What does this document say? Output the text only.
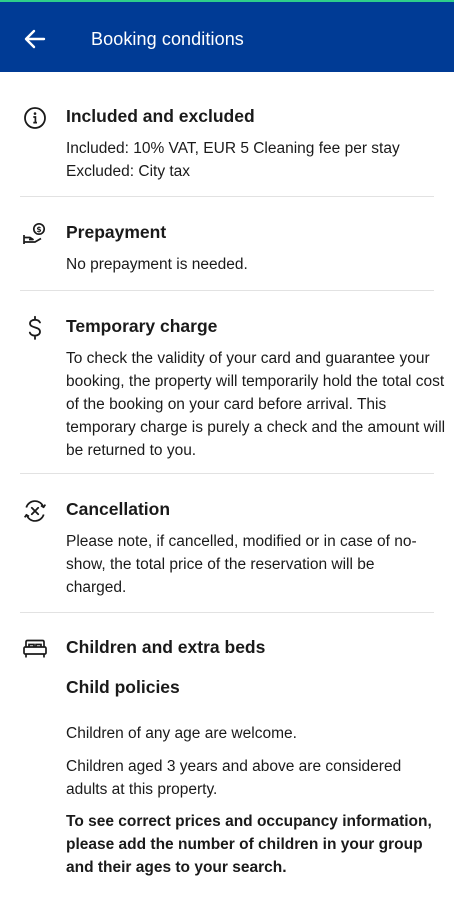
Booking conditions
Included and excluded
Included: 10% VAT, EUR 5 Cleaning fee per stay
Excluded: City tax
$ Prepayment
No prepayment is needed.
Temporary charge
To check the validity of your card and guarantee your booking, the property will temporarily hold the total cost of the booking on your card before arrival. This temporary charge is purely a check and the amount will be returned to you.
Cancellation
Please note, if cancelled, modified or in case of no-show, the total price of the reservation will be charged.
Children and extra beds
Child policies
Children of any age are welcome.
Children aged 3 years and above are considered adults at this property.
To see correct prices and occupancy information, please add the number of children in your group and their ages to your search.
